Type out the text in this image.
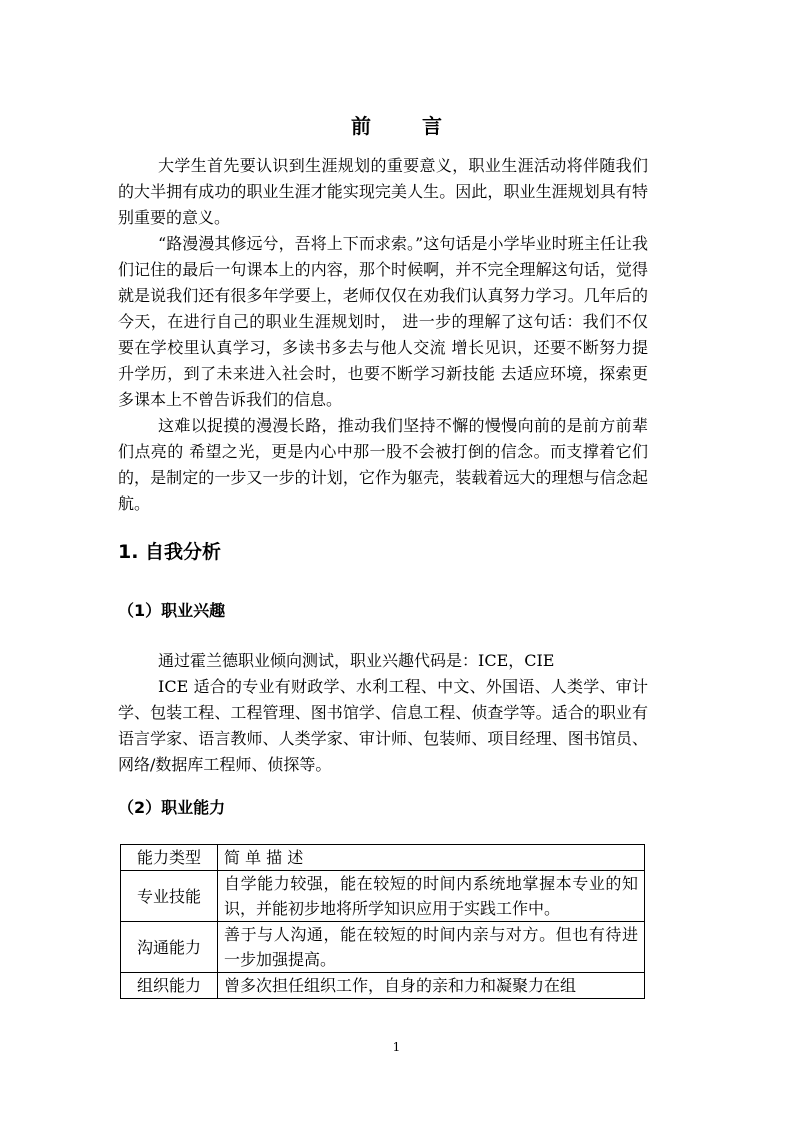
前 言

大学生首先要认识到生涯规划的重要意义，职业生涯活动将伴随我们的大半拥有成功的职业生涯才能实现完美人生。因此，职业生涯规划具有特别重要的意义。

“路漫漫其修远兮，吾将上下而求索。”这句话是小学毕业时班主任让我们记住的最后一句课本上的内容，那个时候啊，并不完全理解这句话，觉得就是说我们还有很多年学要上，老师仅仅在劝我们认真努力学习。几年后的今天，在进行自己的职业生涯规划时， 进一步的理解了这句话：我们不仅要在学校里认真学习，多读书多去与他人交流 增长见识，还要不断努力提升学历，到了未来进入社会时，也要不断学习新技能 去适应环境，探索更多课本上不曾告诉我们的信息。

这难以捉摸的漫漫长路，推动我们坚持不懈的慢慢向前的是前方前辈们点亮的 希望之光，更是内心中那一股不会被打倒的信念。而支撑着它们的，是制定的一步又一步的计划，它作为躯壳，装载着远大的理想与信念起航。

1. 自我分析
（1）职业兴趣

通过霍兰德职业倾向测试，职业兴趣代码是：ICE，CIE

ICE 适合的专业有财政学、水利工程、中文、外国语、人类学、审计学、包装工程、工程管理、图书馆学、信息工程、侦查学等。适合的职业有语言学家、语言教师、人类学家、审计师、包装师、项目经理、图书馆员、网络/数据库工程师、侦探等。

（2）职业能力
能力类型	简 单 描 述
专业技能	自学能力较强，能在较短的时间内系统地掌握本专业的知识，并能初步地将所学知识应用于实践工作中。
沟通能力	善于与人沟通，能在较短的时间内亲与对方。但也有待进一步加强提高。
组织能力	曾多次担任组织工作，自身的亲和力和凝聚力在组
1
